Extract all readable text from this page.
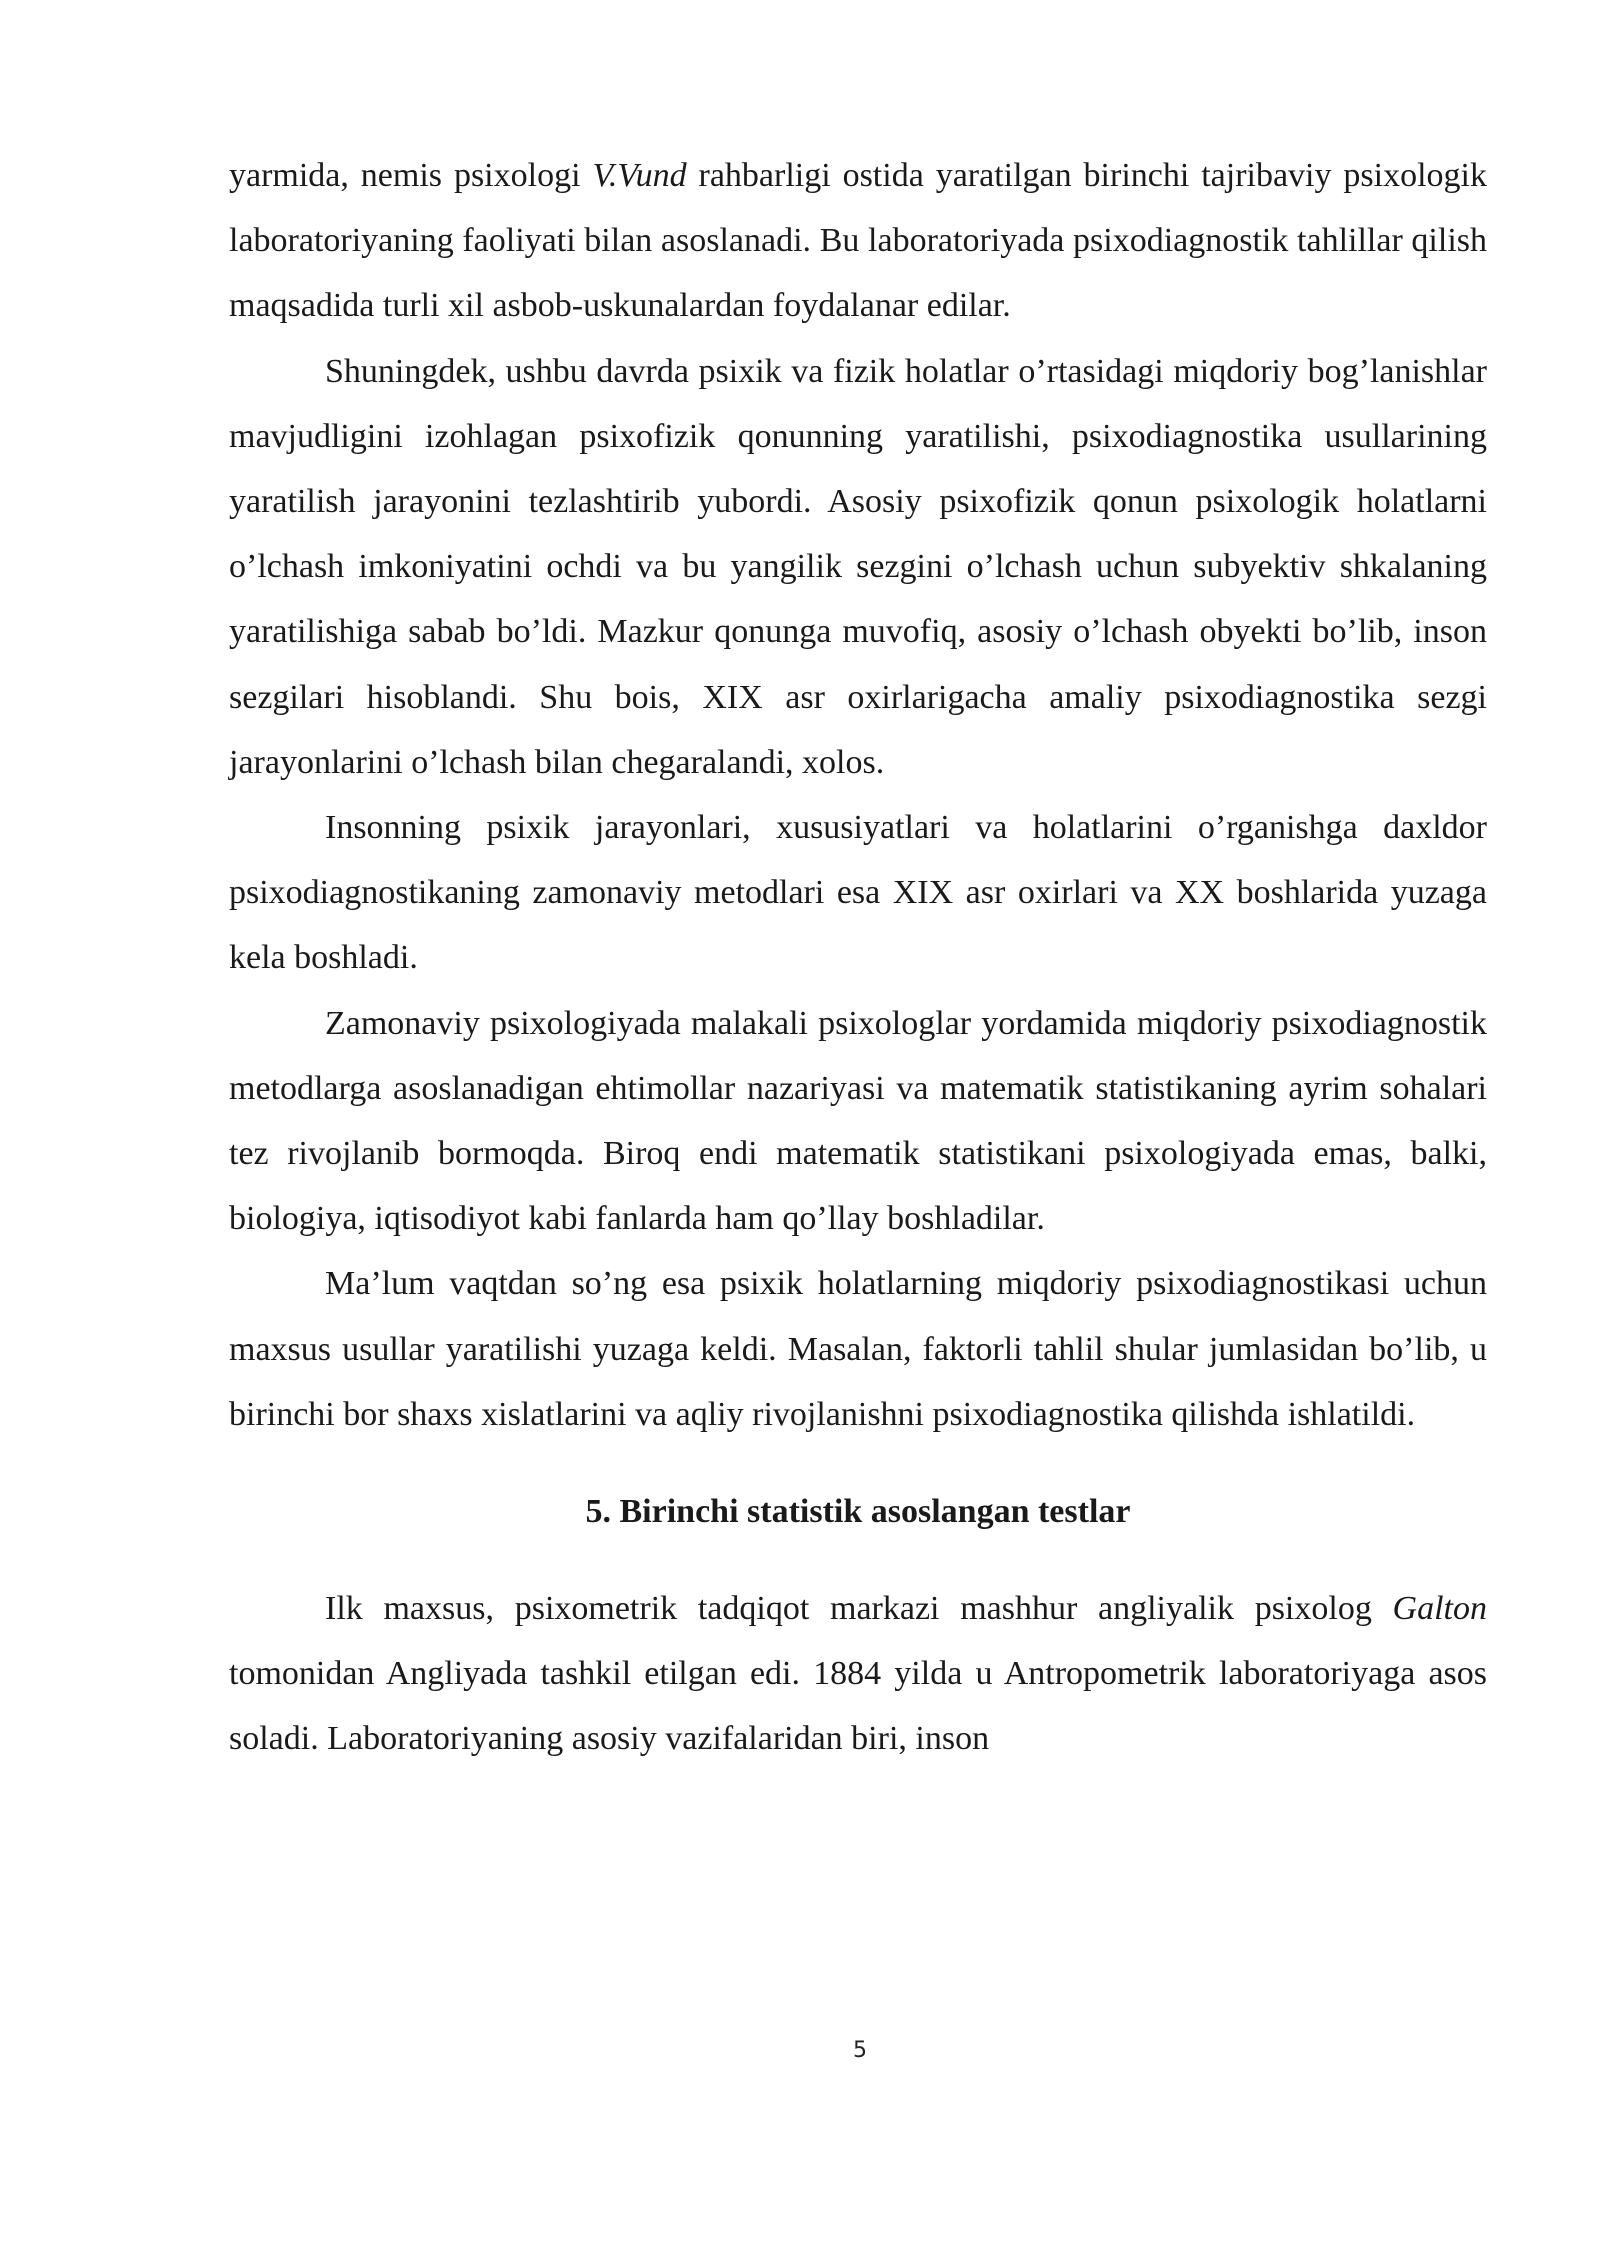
yarmida, nemis psixologi V.Vund rahbarligi ostida yaratilgan birinchi tajribaviy psixologik laboratoriyaning faoliyati bilan asoslanadi. Bu laboratoriyada psixodiagnostik tahlillar qilish maqsadida turli xil asbob-uskunalardan foydalanar edilar.

Shuningdek, ushbu davrda psixik va fizik holatlar o’rtasidagi miqdoriy bog’lanishlar mavjudligini izohlagan psixofizik qonunning yaratilishi, psixodiagnostika usullarining yaratilish jarayonini tezlashtirib yubordi. Asosiy psixofizik qonun psixologik holatlarni o’lchash imkoniyatini ochdi va bu yangilik sezgini o’lchash uchun subyektiv shkalaning yaratilishiga sabab bo’ldi. Mazkur qonunga muvofiq, asosiy o’lchash obyekti bo’lib, inson sezgilari hisoblandi. Shu bois, XIX asr oxirlarigacha amaliy psixodiagnostika sezgi jarayonlarini o’lchash bilan chegaralandi, xolos.

Insonning psixik jarayonlari, xususiyatlari va holatlarini o’rganishga daxldor psixodiagnostikaning zamonaviy metodlari esa XIX asr oxirlari va XX boshlarida yuzaga kela boshladi.

Zamonaviy psixologiyada malakali psixologlar yordamida miqdoriy psixodiagnostik metodlarga asoslanadigan ehtimollar nazariyasi va matematik statistikaning ayrim sohalari tez rivojlanib bormoqda. Biroq endi matematik statistikani psixologiyada emas, balki, biologiya, iqtisodiyot kabi fanlarda ham qo’llay boshladilar.

Ma’lum vaqtdan so’ng esa psixik holatlarning miqdoriy psixodiagnostikasi uchun maxsus usullar yaratilishi yuzaga keldi. Masalan, faktorli tahlil shular jumlasidan bo’lib, u birinchi bor shaxs xislatlarini va aqliy rivojlanishni psixodiagnostika qilishda ishlatildi.

5. Birinchi statistik asoslangan testlar

Ilk maxsus, psixometrik tadqiqot markazi mashhur angliyalik psixolog Galton tomonidan Angliyada tashkil etilgan edi. 1884 yilda u Antropometrik laboratoriyaga asos soladi. Laboratoriyaning asosiy vazifalaridan biri, inson

5
